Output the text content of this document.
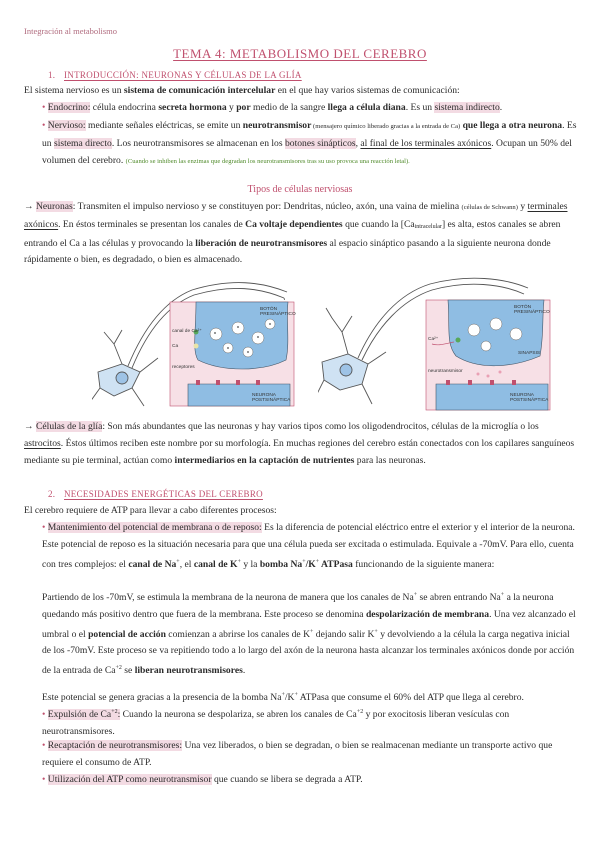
Integración al metabolismo
TEMA 4: METABOLISMO DEL CEREBRO
1. INTRODUCCIÓN: NEURONAS Y CÉLULAS DE LA GLÍA
El sistema nervioso es un sistema de comunicación intercelular en el que hay varios sistemas de comunicación:
• Endocrino: célula endocrina secreta hormona y por medio de la sangre llega a célula diana. Es un sistema indirecto.
• Nervioso: mediante señales eléctricas, se emite un neurotransmisor (mensajero químico liberado gracias a la entrada de Ca) que llega a otra neurona. Es un sistema directo. Los neurotransmisores se almacenan en los botones sinápticos, al final de los terminales axónicos. Ocupan un 50% del volumen del cerebro. (Cuando se inhiben las enzimas que degradan los neurotransmisores tras su uso provoca una reacción letal).
Tipos de células nerviosas
→ Neuronas: Transmiten el impulso nervioso y se constituyen por: Dendritas, núcleo, axón, una vaina de mielina (células de Schwann) y terminales axónicos. En éstos terminales se presentan los canales de Ca voltaje dependientes que cuando la [Caintracelular] es alta, estos canales se abren entrando el Ca a las células y provocando la liberación de neurotransmisores al espacio sináptico pasando a la siguiente neurona donde rápidamente o bien, es degradado, o bien es almacenado.
BOTÓN
PRESINÁPTICO
canal de Ca²⁺
Ca
receptores
NEURONA
POSTSINÁPTICA
BOTÓN
PRESINÁPTICO
Ca²⁺
SINAPSIS
neurotransmisor
NEURONA
POSTSINÁPTICA
→ Células de la glía: Son más abundantes que las neuronas y hay varios tipos como los oligodendrocitos, células de la microglía o los astrocitos. Éstos últimos reciben este nombre por su morfología. En muchas regiones del cerebro están conectados con los capilares sanguíneos mediante su pie terminal, actúan como intermediarios en la captación de nutrientes para las neuronas.
2. NECESIDADES ENERGÉTICAS DEL CEREBRO
El cerebro requiere de ATP para llevar a cabo diferentes procesos:
• Mantenimiento del potencial de membrana o de reposo: Es la diferencia de potencial eléctrico entre el exterior y el interior de la neurona. Este potencial de reposo es la situación necesaria para que una célula pueda ser excitada o estimulada. Equivale a -70mV. Para ello, cuenta con tres complejos: el canal de Na+, el canal de K+ y la bomba Na+/K+ ATPasa funcionando de la siguiente manera:
Partiendo de los -70mV, se estimula la membrana de la neurona de manera que los canales de Na+ se abren entrando Na+ a la neurona quedando más positivo dentro que fuera de la membrana. Este proceso se denomina despolarización de membrana. Una vez alcanzado el umbral o el potencial de acción comienzan a abrirse los canales de K+ dejando salir K+ y devolviendo a la célula la carga negativa inicial de los -70mV. Este proceso se va repitiendo todo a lo largo del axón de la neurona hasta alcanzar los terminales axónicos donde por acción de la entrada de $Ca^{+2}$ se liberan neurotransmisores.
Este potencial se genera gracias a la presencia de la bomba Na+/K+ ATPasa que consume el 60% del ATP que llega al cerebro.
• Expulsión de $Ca^{+2}$: Cuando la neurona se despolariza, se abren los canales de $Ca^{+2}$ y por exocitosis liberan vesículas con neurotransmisores.
• Recaptación de neurotransmisores: Una vez liberados, o bien se degradan, o bien se realmacenan mediante un transporte activo que requiere el consumo de ATP.
• Utilización del ATP como neurotransmisor que cuando se libera se degrada a ATP.
